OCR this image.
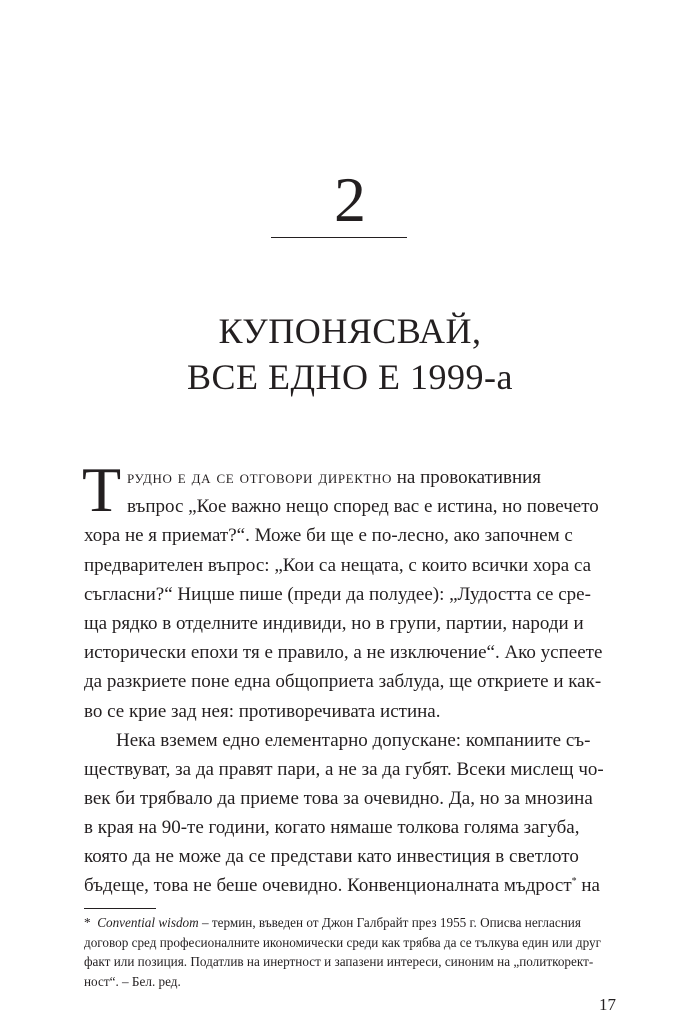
2
КУПОНЯСВАЙ,
ВСЕ ЕДНО Е 1999-а
Т рудно е да се отговори директно на провокативния
въпрос „Кое важно нещо според вас е истина, но повечето
хора не я приемат?“. Може би ще е по-лесно, ако започнем с
предварителен въпрос: „Кои са нещата, с които всички хора са
съгласни?“ Ницше пише (преди да полудее): „Лудостта се сре-
ща рядко в отделните индивиди, но в групи, партии, народи и
исторически епохи тя е правило, а не изключение“. Ако успеете
да разкриете поне една общоприета заблуда, ще откриете и как-
во се крие зад нея: противоречивата истина.
Нека вземем едно елементарно допускане: компаниите съ-
ществуват, за да правят пари, а не за да губят. Всеки мислещ чо-
век би трябвало да приеме това за очевидно. Да, но за мнозина
в края на 90-те години, когато нямаше толкова голяма загуба,
която да не може да се представи като инвестиция в светлото
бъдеще, това не беше очевидно. Конвенционалната мъдрост* на
* Convential wisdom – термин, въведен от Джон Галбрайт през 1955 г. Описва негласния
договор сред професионалните икономически среди как трябва да се тълкува един или друг
факт или позиция. Податлив на инертност и запазени интереси, синоним на „политкорект-
ност“. – Бел. ред.
17
